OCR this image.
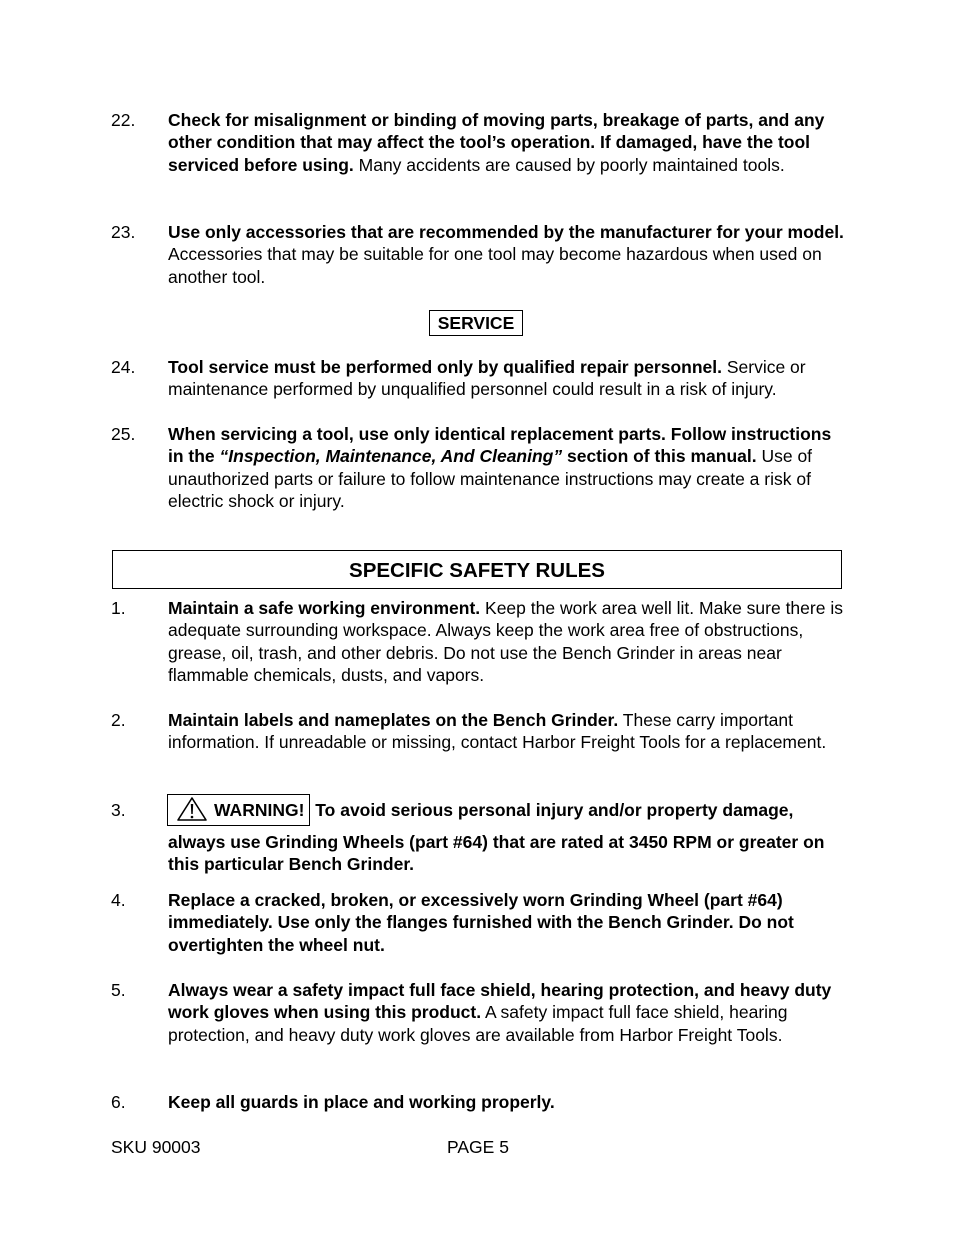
22. Check for misalignment or binding of moving parts, breakage of parts, and any other condition that may affect the tool’s operation. If damaged, have the tool serviced before using. Many accidents are caused by poorly maintained tools.
23. Use only accessories that are recommended by the manufacturer for your model. Accessories that may be suitable for one tool may become hazardous when used on another tool.
SERVICE
24. Tool service must be performed only by qualified repair personnel. Service or maintenance performed by unqualified personnel could result in a risk of injury.
25. When servicing a tool, use only identical replacement parts. Follow instructions in the “Inspection, Maintenance, And Cleaning” section of this manual. Use of unauthorized parts or failure to follow maintenance instructions may create a risk of electric shock or injury.
SPECIFIC SAFETY RULES
1. Maintain a safe working environment. Keep the work area well lit. Make sure there is adequate surrounding workspace. Always keep the work area free of obstructions, grease, oil, trash, and other debris. Do not use the Bench Grinder in areas near flammable chemicals, dusts, and vapors.
2. Maintain labels and nameplates on the Bench Grinder. These carry important information. If unreadable or missing, contact Harbor Freight Tools for a replacement.
3.	WARNING! To avoid serious personal injury and/or property damage, always use Grinding Wheels (part #64) that are rated at 3450 RPM or greater on this particular Bench Grinder.
4. Replace a cracked, broken, or excessively worn Grinding Wheel (part #64) immediately. Use only the flanges furnished with the Bench Grinder. Do not overtighten the wheel nut.
5. Always wear a safety impact full face shield, hearing protection, and heavy duty work gloves when using this product. A safety impact full face shield, hearing protection, and heavy duty work gloves are available from Harbor Freight Tools.
6. Keep all guards in place and working properly.
SKU 90003	PAGE 5
